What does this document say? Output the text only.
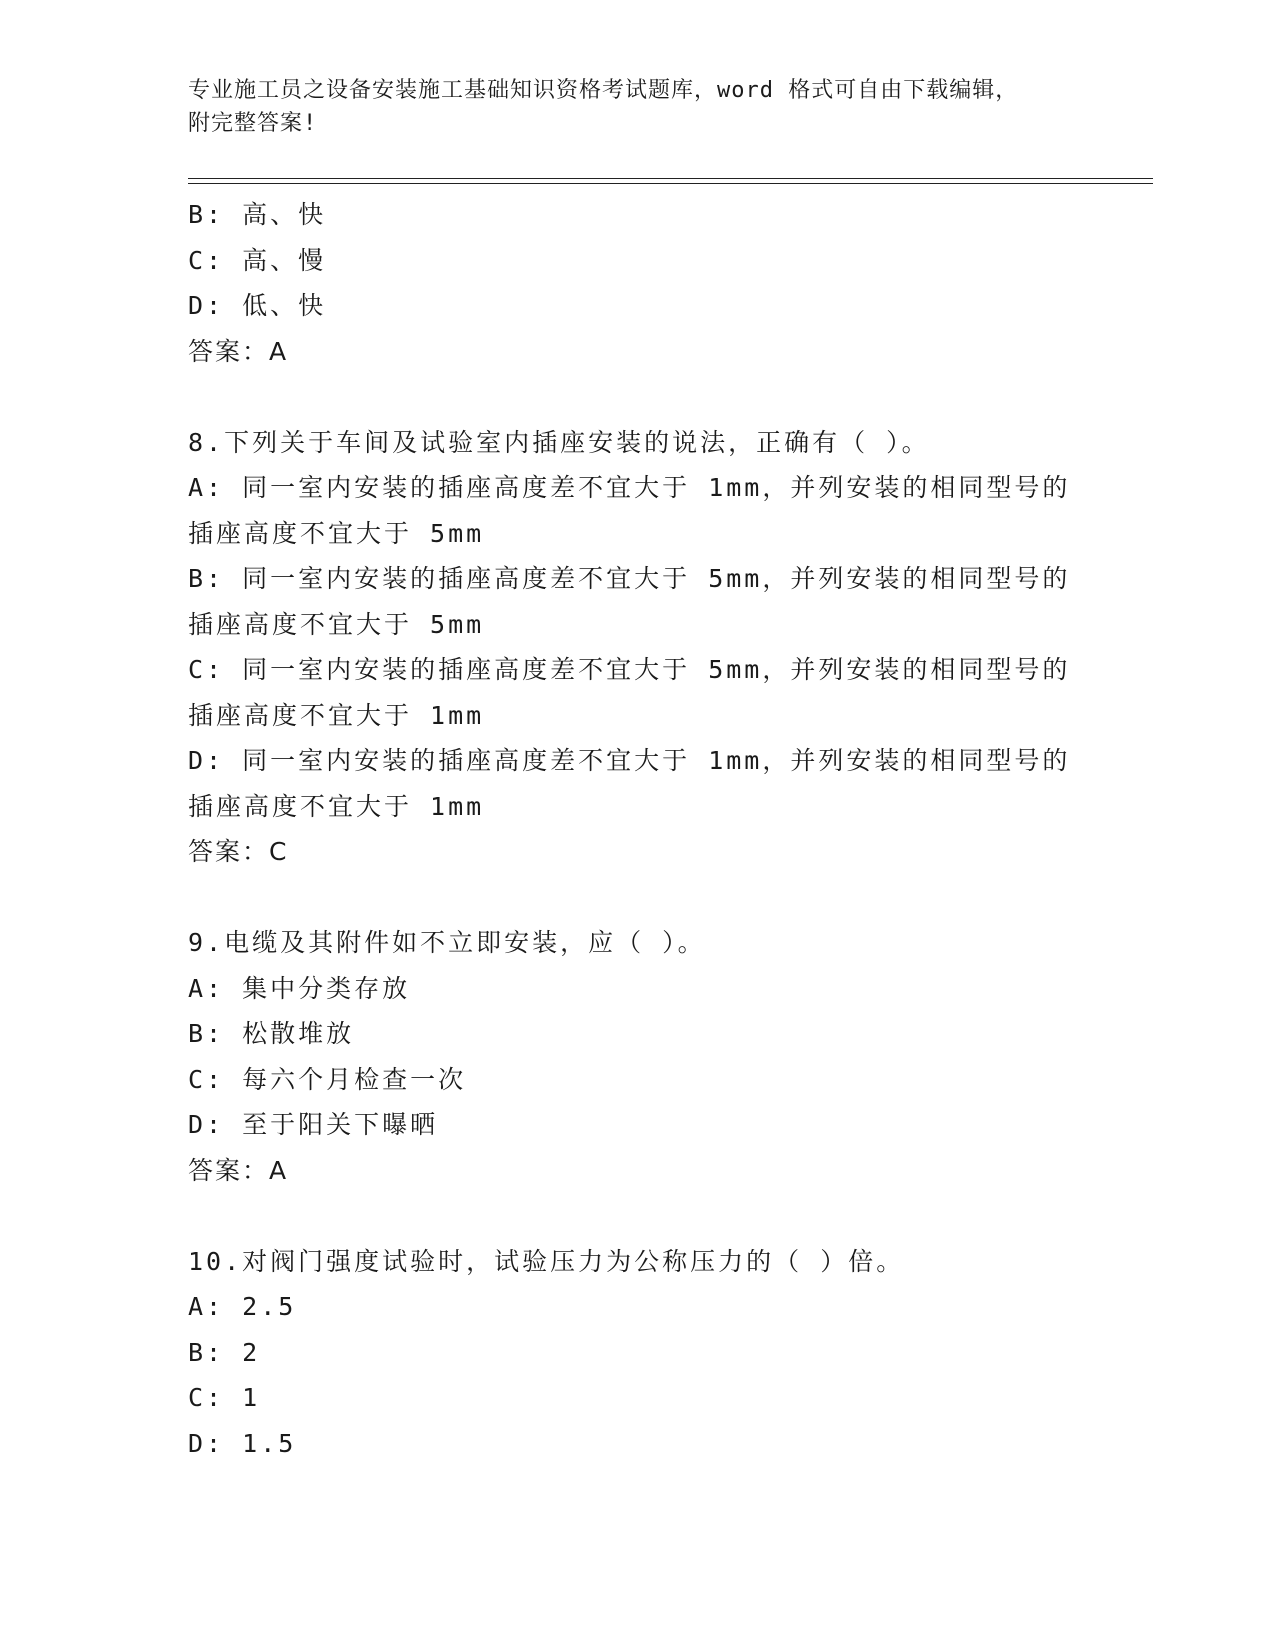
专业施工员之设备安装施工基础知识资格考试题库，word 格式可自由下载编辑，
附完整答案!
B: 高、快
C: 高、慢
D: 低、快
答案：A
8.下列关于车间及试验室内插座安装的说法，正确有（ ）。
A: 同一室内安装的插座高度差不宜大于 1mm，并列安装的相同型号的
插座高度不宜大于 5mm
B: 同一室内安装的插座高度差不宜大于 5mm，并列安装的相同型号的
插座高度不宜大于 5mm
C: 同一室内安装的插座高度差不宜大于 5mm，并列安装的相同型号的
插座高度不宜大于 1mm
D: 同一室内安装的插座高度差不宜大于 1mm，并列安装的相同型号的
插座高度不宜大于 1mm
答案：C
9.电缆及其附件如不立即安装，应（ ）。
A: 集中分类存放
B: 松散堆放
C: 每六个月检查一次
D: 至于阳关下曝晒
答案：A
10.对阀门强度试验时，试验压力为公称压力的（ ）倍。
A: 2.5
B: 2
C: 1
D: 1.5
